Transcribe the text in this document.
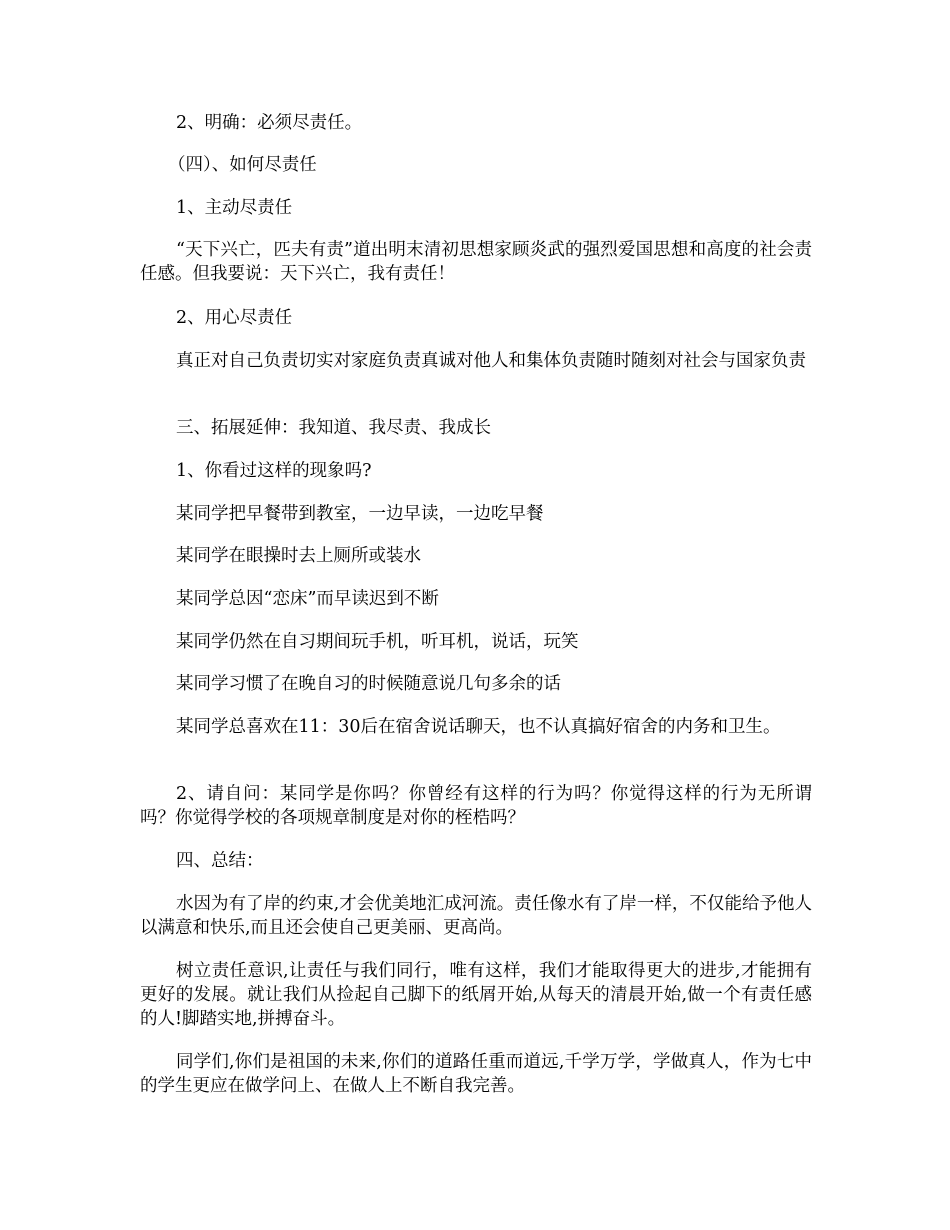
2、明确：必须尽责任。

（四）、如何尽责任

1、主动尽责任

“天下兴亡，匹夫有责”道出明末清初思想家顾炎武的强烈爱国思想和高度的社会责任感。但我要说：天下兴亡，我有责任！

2、用心尽责任

真正对自己负责切实对家庭负责真诚对他人和集体负责随时随刻对社会与国家负责

三、拓展延伸：我知道、我尽责、我成长

1、你看过这样的现象吗?

某同学把早餐带到教室，一边早读，一边吃早餐

某同学在眼操时去上厕所或装水

某同学总因“恋床”而早读迟到不断

某同学仍然在自习期间玩手机，听耳机，说话，玩笑

某同学习惯了在晚自习的时候随意说几句多余的话

某同学总喜欢在11：30后在宿舍说话聊天，也不认真搞好宿舍的内务和卫生。

2、请自问：某同学是你吗？你曾经有这样的行为吗？你觉得这样的行为无所谓吗？你觉得学校的各项规章制度是对你的桎梏吗？

四、总结：

水因为有了岸的约束,才会优美地汇成河流。责任像水有了岸一样，不仅能给予他人以满意和快乐,而且还会使自己更美丽、更高尚。

树立责任意识,让责任与我们同行，唯有这样，我们才能取得更大的进步,才能拥有更好的发展。就让我们从捡起自己脚下的纸屑开始,从每天的清晨开始,做一个有责任感的人!脚踏实地,拼搏奋斗。

同学们,你们是祖国的未来,你们的道路任重而道远,千学万学，学做真人，作为七中的学生更应在做学问上、在做人上不断自我完善。
